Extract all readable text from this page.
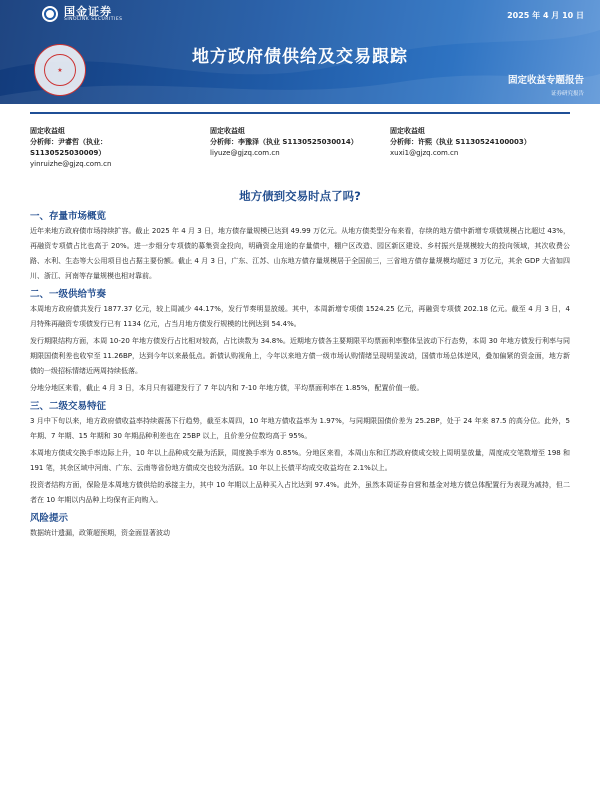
国金证券
SINOLINK SECURITIES	2025 年 4 月 10 日
★
地方政府债供给及交易跟踪
固定收益专题报告
证券研究报告
固定收益组
分析师：尹睿哲（执业：
S1130525030009）
yinruizhe@gjzq.com.cn
固定收益组
分析师：李豫泽（执业 S1130525030014）
liyuze@gjzq.com.cn
固定收益组
分析师：许熙（执业 S1130524100003）
xuxi1@gjzq.com.cn
地方债到交易时点了吗?
一、存量市场概览

近年来地方政府债市场持续扩容。截止 2025 年 4 月 3 日，地方债存量规模已达到 49.99 万亿元。从地方债类型分布来看，存续的地方债中新增专项债规模占比超过 43%，再融资专项债占比也高于 20%。进一步细分专项债的募集资金投向，明确资金用途的存量债中，棚户区改造、园区新区建设、乡村振兴是规模较大的投向领域，其次收费公路、水利、生态等大公用项目也占据主要份额。截止 4 月 3 日，广东、江苏、山东地方债存量规模居于全国前三，三省地方债存量规模均超过 3 万亿元，其余 GDP 大省如四川、浙江、河南等存量规模也相对靠前。

二、一级供给节奏

本周地方政府债共发行 1877.37 亿元，较上周减少 44.17%，发行节奏明显放缓。其中，本周新增专项债 1524.25 亿元，再融资专项债 202.18 亿元。截至 4 月 3 日，4 月特殊再融资专项债发行已有 1134 亿元，占当月地方债发行规模的比例达到 54.4%。

发行期限结构方面，本周 10-20 年地方债发行占比相对较高，占比读数为 34.8%。近期地方债各主要期限平均票面利率整体呈波动下行态势，本周 30 年地方债发行利率与同期限国债利差也收窄至 11.26BP，达到今年以来最低点。新债认购视角上，今年以来地方债一级市场认购情绪呈现明显波动，国债市场总体逆风，叠加偏紧的资金面，地方新债的一级招标情绪近两周持续低落。

分地分地区来看，截止 4 月 3 日，本月只有福建发行了 7 年以内和 7-10 年地方债，平均票面利率在 1.85%，配置价值一般。

三、二级交易特征

3 月中下旬以来，地方政府债收益率持续震荡下行趋势，截至本周四，10 年地方债收益率为 1.97%，与同期限国债价差为 25.2BP，处于 24 年来 87.5 的高分位。此外，5 年期、7 年期、15 年期和 30 年期品种利差也在 25BP 以上，且价差分位数均高于 95%。

本周地方债成交换手率边际上升，10 年以上品种成交最为活跃，周度换手率为 0.85%。分地区来看，本周山东和江苏政府债成交较上周明显放量，周度成交笔数增至 198 和 191 笔，其余区域中河南、广东、云南等省份地方债成交也较为活跃。10 年以上长债平均成交收益均在 2.1%以上。

投资者结构方面，保险是本周地方债供给的承接主力，其中 10 年期以上品种买入占比达到 97.4%。此外，虽然本周证券自营和基金对地方债总体配置行为表现为减持，但二者在 10 年期以内品种上均保有正向购入。

风险提示

数据统计遗漏，政策超预期，资金面显著波动
